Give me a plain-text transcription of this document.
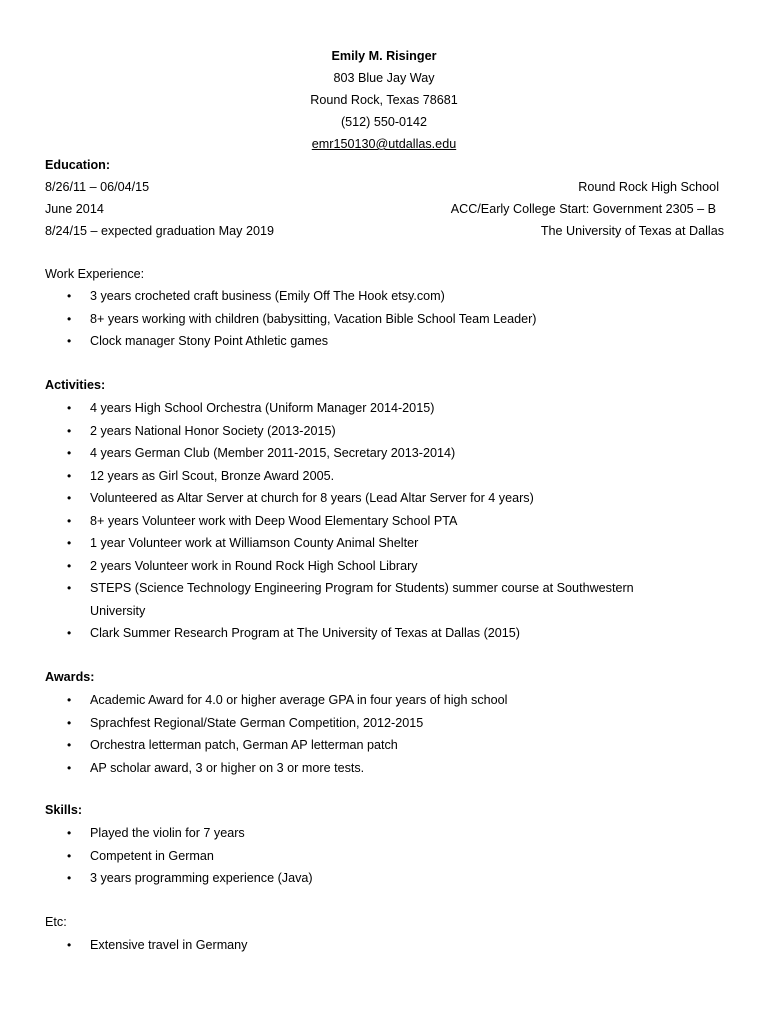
Emily M. Risinger
803 Blue Jay Way
Round Rock, Texas 78681
(512) 550-0142
emr150130@utdallas.edu
Education:
8/26/11 – 06/04/15	Round Rock High School
June 2014	ACC/Early College Start: Government 2305 – B
8/24/15 – expected graduation May 2019	The University of Texas at Dallas
Work Experience:
• 3 years crocheted craft business (Emily Off The Hook etsy.com)
• 8+ years working with children (babysitting, Vacation Bible School Team Leader)
• Clock manager Stony Point Athletic games
Activities:
• 4 years High School Orchestra (Uniform Manager 2014-2015)
• 2 years National Honor Society (2013-2015)
• 4 years German Club (Member 2011-2015, Secretary 2013-2014)
• 12 years as Girl Scout, Bronze Award 2005.
• Volunteered as Altar Server at church for 8 years (Lead Altar Server for 4 years)
• 8+ years Volunteer work with Deep Wood Elementary School PTA
• 1 year Volunteer work at Williamson County Animal Shelter
• 2 years Volunteer work in Round Rock High School Library
• STEPS (Science Technology Engineering Program for Students) summer course at Southwestern University
• Clark Summer Research Program at The University of Texas at Dallas (2015)
Awards:
• Academic Award for 4.0 or higher average GPA in four years of high school
• Sprachfest Regional/State German Competition, 2012-2015
• Orchestra letterman patch, German AP letterman patch
• AP scholar award, 3 or higher on 3 or more tests.
Skills:
• Played the violin for 7 years
• Competent in German
• 3 years programming experience (Java)
Etc:
• Extensive travel in Germany
